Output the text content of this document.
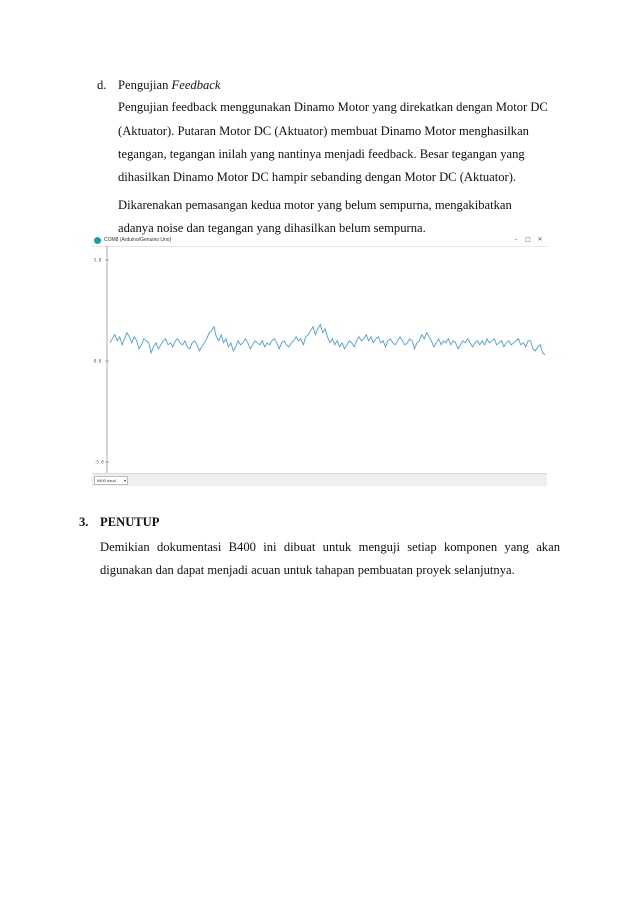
d. Pengujian Feedback
Pengujian feedback menggunakan Dinamo Motor yang direkatkan dengan Motor DC
(Aktuator). Putaran Motor DC (Aktuator) membuat Dinamo Motor menghasilkan
tegangan, tegangan inilah yang nantinya menjadi feedback. Besar tegangan yang
dihasilkan Dinamo Motor DC hampir sebanding dengan Motor DC (Aktuator).
Dikarenakan pemasangan kedua motor yang belum sempurna, mengakibatkan
adanya noise dan tegangan yang dihasilkan belum sempurna.
COM8 (Arduino/Genuino Uno)	–	□	✕
5.0
0.0
-5.0
9600 baud ▾
3. PENUTUP
Demikian dokumentasi B400 ini dibuat untuk menguji setiap komponen yang akan
digunakan dan dapat menjadi acuan untuk tahapan pembuatan proyek selanjutnya.
